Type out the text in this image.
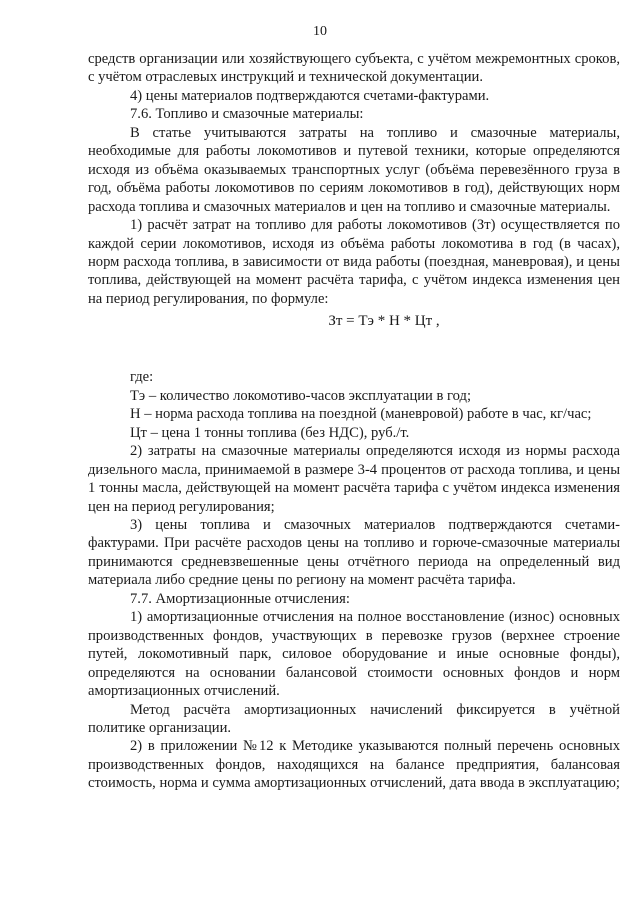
10

средств организации или хозяйствующего субъекта, с учётом межремонтных сроков, с учётом отраслевых инструкций и технической документации.

4) цены материалов подтверждаются счетами-фактурами.

7.6. Топливо и смазочные материалы:

В статье учитываются затраты на топливо и смазочные материалы, необходимые для работы локомотивов и путевой техники, которые определяются исходя из объёма оказываемых транспортных услуг (объёма перевезённого груза в год, объёма работы локомотивов по сериям локомотивов в год), действующих норм расхода топлива и смазочных материалов и цен на топливо и смазочные материалы.

1) расчёт затрат на топливо для работы локомотивов (Зт) осуществляется по каждой серии локомотивов, исходя из объёма работы локомотива в год (в часах), норм расхода топлива, в зависимости от вида работы (поездная, маневровая), и цены топлива, действующей на момент расчёта тарифа, с учётом индекса изменения цен на период регулирования, по формуле:

Зт = Тэ * Н * Цт ,

где:

Тэ – количество локомотиво-часов эксплуатации в год;

Н – норма расхода топлива на поездной (маневровой) работе в час, кг/час;

Цт – цена 1 тонны топлива (без НДС), руб./т.

2) затраты на смазочные материалы определяются исходя из нормы расхода дизельного масла, принимаемой в размере 3-4 процентов от расхода топлива, и цены 1 тонны масла, действующей на момент расчёта тарифа с учётом индекса изменения цен на период регулирования;

3) цены топлива и смазочных материалов подтверждаются счетами-фактурами. При расчёте расходов цены на топливо и горюче-смазочные материалы принимаются средневзвешенные цены отчётного периода на определенный вид материала либо средние цены по региону на момент расчёта тарифа.

7.7. Амортизационные отчисления:

1) амортизационные отчисления на полное восстановление (износ) основных производственных фондов, участвующих в перевозке грузов (верхнее строение путей, локомотивный парк, силовое оборудование и иные основные фонды), определяются на основании балансовой стоимости основных фондов и норм амортизационных отчислений.

Метод расчёта амортизационных начислений фиксируется в учётной политике организации.

2) в приложении №12 к Методике указываются полный перечень основных производственных фондов, находящихся на балансе предприятия, балансовая стоимость, норма и сумма амортизационных отчислений, дата ввода в эксплуатацию;
